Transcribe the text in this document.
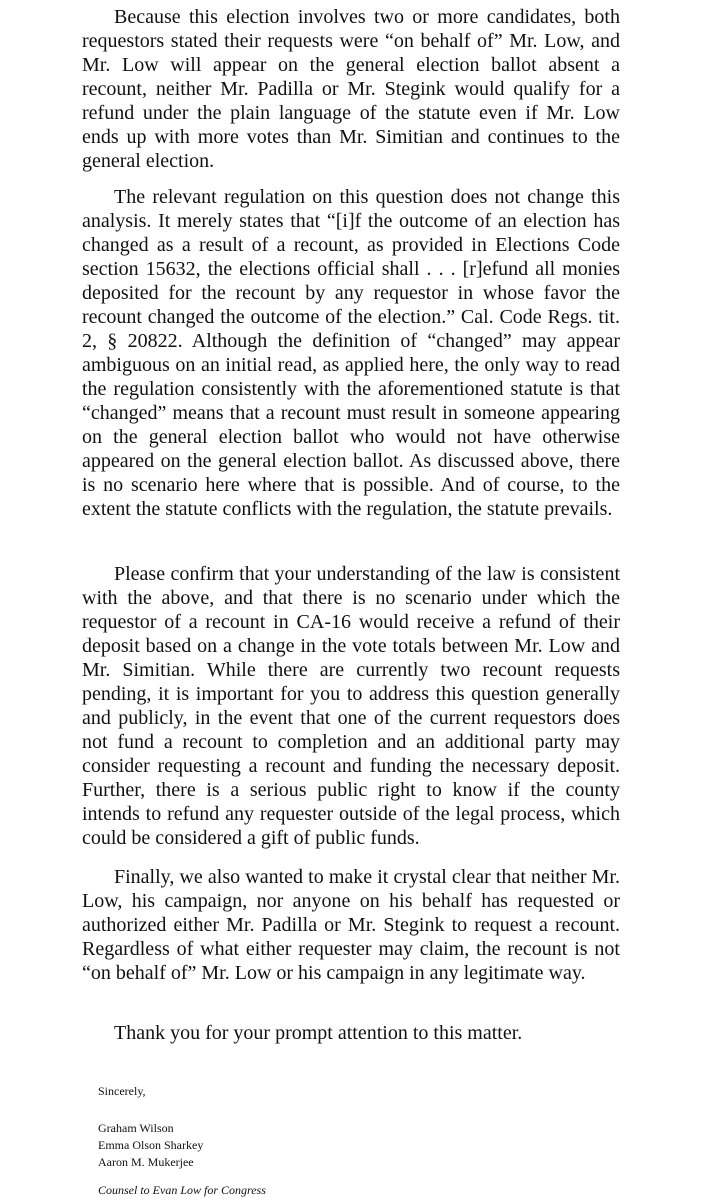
Because this election involves two or more candidates, both requestors stated their requests were “on behalf of” Mr. Low, and Mr. Low will appear on the general election ballot absent a recount, neither Mr. Padilla or Mr. Stegink would qualify for a refund under the plain language of the statute even if Mr. Low ends up with more votes than Mr. Simitian and continues to the general election.

The relevant regulation on this question does not change this analysis. It merely states that “[i]f the outcome of an election has changed as a result of a recount, as provided in Elections Code section 15632, the elections official shall . . . [r]efund all monies deposited for the recount by any requestor in whose favor the recount changed the outcome of the election.” Cal. Code Regs. tit. 2, § 20822. Although the definition of “changed” may appear ambiguous on an initial read, as applied here, the only way to read the regulation consistently with the aforementioned statute is that “changed” means that a recount must result in someone appearing on the general election ballot who would not have otherwise appeared on the general election ballot. As discussed above, there is no scenario here where that is possible. And of course, to the extent the statute conflicts with the regulation, the statute prevails.

Please confirm that your understanding of the law is consistent with the above, and that there is no scenario under which the requestor of a recount in CA-16 would receive a refund of their deposit based on a change in the vote totals between Mr. Low and Mr. Simitian. While there are currently two recount requests pending, it is important for you to address this question generally and publicly, in the event that one of the current requestors does not fund a recount to completion and an additional party may consider requesting a recount and funding the necessary deposit. Further, there is a serious public right to know if the county intends to refund any requester outside of the legal process, which could be considered a gift of public funds.

Finally, we also wanted to make it crystal clear that neither Mr. Low, his campaign, nor anyone on his behalf has requested or authorized either Mr. Padilla or Mr. Stegink to request a recount. Regardless of what either requester may claim, the recount is not “on behalf of” Mr. Low or his campaign in any legitimate way.

Thank you for your prompt attention to this matter.

Sincerely,

Graham Wilson

Emma Olson Sharkey

Aaron M. Mukerjee

Counsel to Evan Low for Congress
